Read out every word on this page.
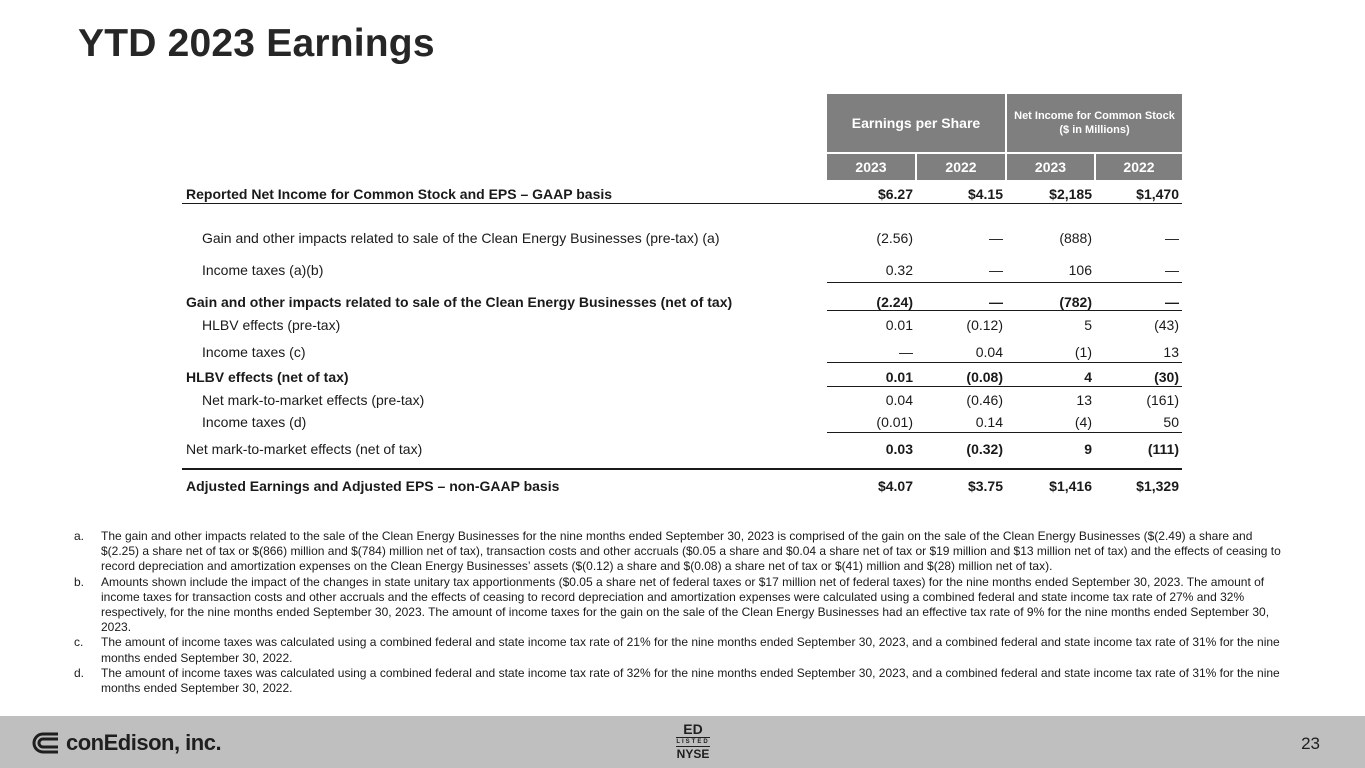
YTD 2023 Earnings
Earnings per Share	Net Income for Common Stock
($ in Millions)
2023	2022	2023	2022
Reported Net Income for Common Stock and EPS – GAAP basis	$6.27	$4.15	$2,185	$1,470
Gain and other impacts related to sale of the Clean Energy Businesses (pre-tax) (a)	(2.56)	—	(888)	—
Income taxes (a)(b)	0.32	—	106	—
Gain and other impacts related to sale of the Clean Energy Businesses (net of tax)	(2.24)	—	(782)	—
HLBV effects (pre-tax)	0.01	(0.12)	5	(43)
Income taxes (c)	—	0.04	(1)	13
HLBV effects (net of tax)	0.01	(0.08)	4	(30)
Net mark-to-market effects (pre-tax)	0.04	(0.46)	13	(161)
Income taxes (d)	(0.01)	0.14	(4)	50
Net mark-to-market effects (net of tax)	0.03	(0.32)	9	(111)
Adjusted Earnings and Adjusted EPS – non-GAAP basis	$4.07	$3.75	$1,416	$1,329
a. The gain and other impacts related to the sale of the Clean Energy Businesses for the nine months ended September 30, 2023 is comprised of the gain on the sale of the Clean Energy Businesses ($(2.49) a share and $(2.25) a share net of tax or $(866) million and $(784) million net of tax), transaction costs and other accruals ($0.05 a share and $0.04 a share net of tax or $19 million and $13 million net of tax) and the effects of ceasing to record depreciation and amortization expenses on the Clean Energy Businesses’ assets ($(0.12) a share and $(0.08) a share net of tax or $(41) million and $(28) million net of tax).
b. Amounts shown include the impact of the changes in state unitary tax apportionments ($0.05 a share net of federal taxes or $17 million net of federal taxes) for the nine months ended September 30, 2023. The amount of income taxes for transaction costs and other accruals and the effects of ceasing to record depreciation and amortization expenses were calculated using a combined federal and state income tax rate of 27% and 32% respectively, for the nine months ended September 30, 2023. The amount of income taxes for the gain on the sale of the Clean Energy Businesses had an effective tax rate of 9% for the nine months ended September 30, 2023.
c. The amount of income taxes was calculated using a combined federal and state income tax rate of 21% for the nine months ended September 30, 2023, and a combined federal and state income tax rate of 31% for the nine months ended September 30, 2022.
d. The amount of income taxes was calculated using a combined federal and state income tax rate of 32% for the nine months ended September 30, 2023, and a combined federal and state income tax rate of 31% for the nine months ended September 30, 2022.
conEdison, inc.
ED
LISTED
NYSE
23
